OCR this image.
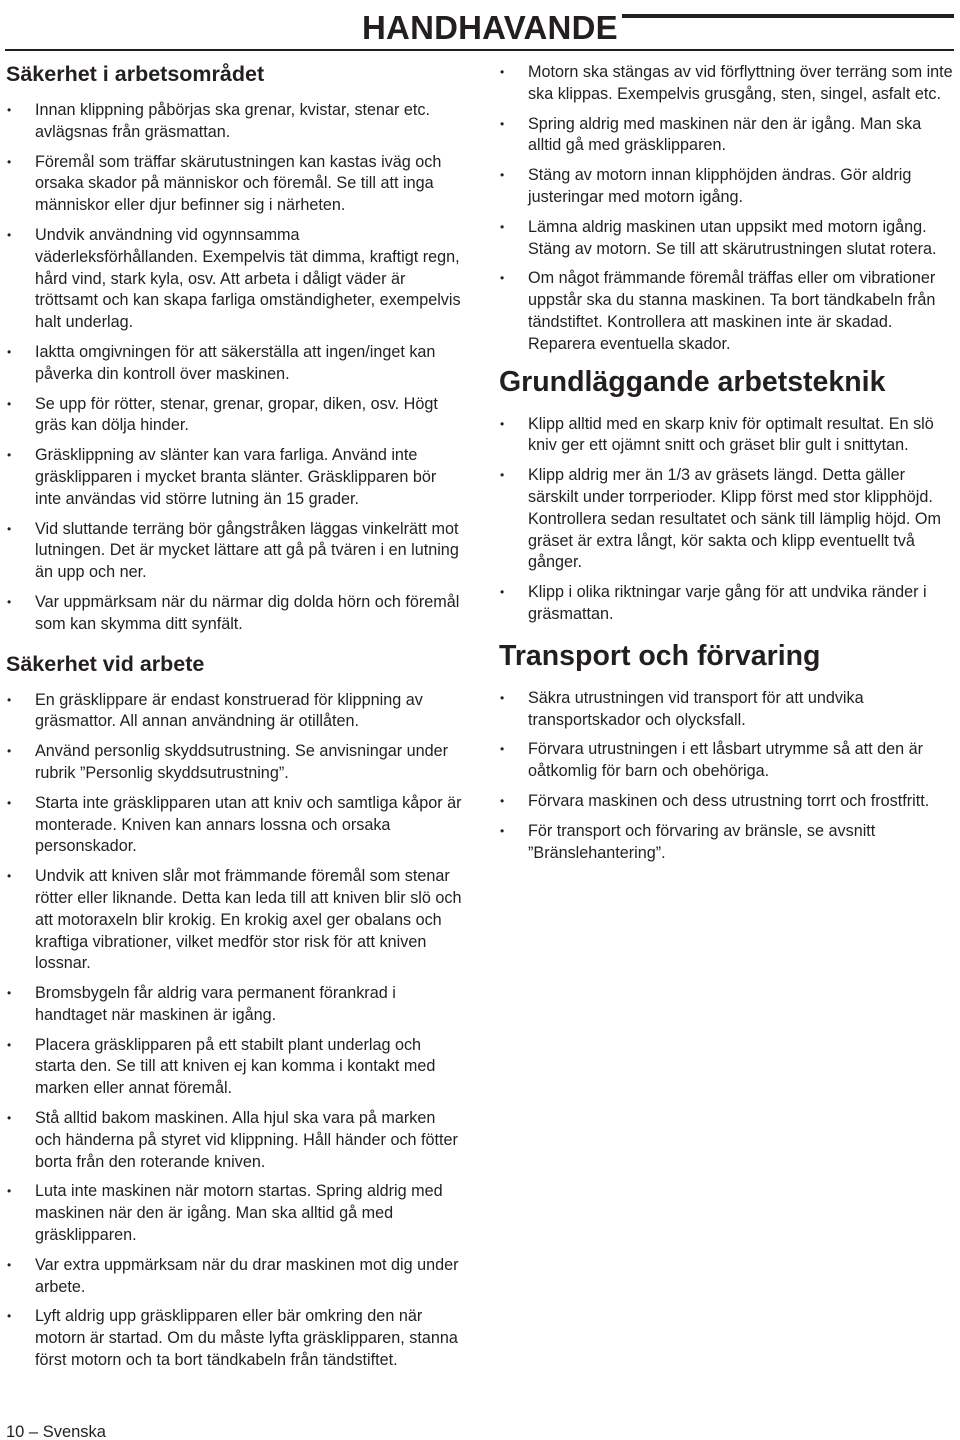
HANDHAVANDE
Säkerhet i arbetsområdet
• Innan klippning påbörjas ska grenar, kvistar, stenar etc. avlägsnas från gräsmattan.
• Föremål som träffar skärutustningen kan kastas iväg och orsaka skador på människor och föremål. Se till att inga människor eller djur befinner sig i närheten.
• Undvik användning vid ogynnsamma väderleksförhållanden. Exempelvis tät dimma, kraftigt regn, hård vind, stark kyla, osv. Att arbeta i dåligt väder är tröttsamt och kan skapa farliga omständigheter, exempelvis halt underlag.
• Iaktta omgivningen för att säkerställa att ingen/inget kan påverka din kontroll över maskinen.
• Se upp för rötter, stenar, grenar, gropar, diken, osv. Högt gräs kan dölja hinder.
• Gräsklippning av slänter kan vara farliga. Använd inte gräsklipparen i mycket branta slänter. Gräsklipparen bör inte användas vid större lutning än 15 grader.
• Vid sluttande terräng bör gångstråken läggas vinkelrätt mot lutningen. Det är mycket lättare att gå på tvären i en lutning än upp och ner.
• Var uppmärksam när du närmar dig dolda hörn och föremål som kan skymma ditt synfält.
Säkerhet vid arbete
• En gräsklippare är endast konstruerad för klippning av gräsmattor. All annan användning är otillåten.
• Använd personlig skyddsutrustning. Se anvisningar under rubrik ”Personlig skyddsutrustning”.
• Starta inte gräsklipparen utan att kniv och samtliga kåpor är monterade. Kniven kan annars lossna och orsaka personskador.
• Undvik att kniven slår mot främmande föremål som stenar rötter eller liknande. Detta kan leda till att kniven blir slö och att motoraxeln blir krokig. En krokig axel ger obalans och kraftiga vibrationer, vilket medför stor risk för att kniven lossnar.
• Bromsbygeln får aldrig vara permanent förankrad i handtaget när maskinen är igång.
• Placera gräsklipparen på ett stabilt plant underlag och starta den. Se till att kniven ej kan komma i kontakt med marken eller annat föremål.
• Stå alltid bakom maskinen. Alla hjul ska vara på marken och händerna på styret vid klippning. Håll händer och fötter borta från den roterande kniven.
• Luta inte maskinen när motorn startas. Spring aldrig med maskinen när den är igång. Man ska alltid gå med gräsklipparen.
• Var extra uppmärksam när du drar maskinen mot dig under arbete.
• Lyft aldrig upp gräsklipparen eller bär omkring den när motorn är startad. Om du måste lyfta gräsklipparen, stanna först motorn och ta bort tändkabeln från tändstiftet.
• Motorn ska stängas av vid förflyttning över terräng som inte ska klippas. Exempelvis grusgång, sten, singel, asfalt etc.
• Spring aldrig med maskinen när den är igång. Man ska alltid gå med gräsklipparen.
• Stäng av motorn innan klipphöjden ändras. Gör aldrig justeringar med motorn igång.
• Lämna aldrig maskinen utan uppsikt med motorn igång. Stäng av motorn. Se till att skärutrustningen slutat rotera.
• Om något främmande föremål träffas eller om vibrationer uppstår ska du stanna maskinen. Ta bort tändkabeln från tändstiftet. Kontrollera att maskinen inte är skadad. Reparera eventuella skador.
Grundläggande arbetsteknik
• Klipp alltid med en skarp kniv för optimalt resultat. En slö kniv ger ett ojämnt snitt och gräset blir gult i snittytan.
• Klipp aldrig mer än 1/3 av gräsets längd. Detta gäller särskilt under torrperioder. Klipp först med stor klipphöjd. Kontrollera sedan resultatet och sänk till lämplig höjd. Om gräset är extra långt, kör sakta och klipp eventuellt två gånger.
• Klipp i olika riktningar varje gång för att undvika ränder i gräsmattan.
Transport och förvaring
• Säkra utrustningen vid transport för att undvika transportskador och olycksfall.
• Förvara utrustningen i ett låsbart utrymme så att den är oåtkomlig för barn och obehöriga.
• Förvara maskinen och dess utrustning torrt och frostfritt.
• För transport och förvaring av bränsle, se avsnitt ”Bränslehantering”.
10 – Svenska
